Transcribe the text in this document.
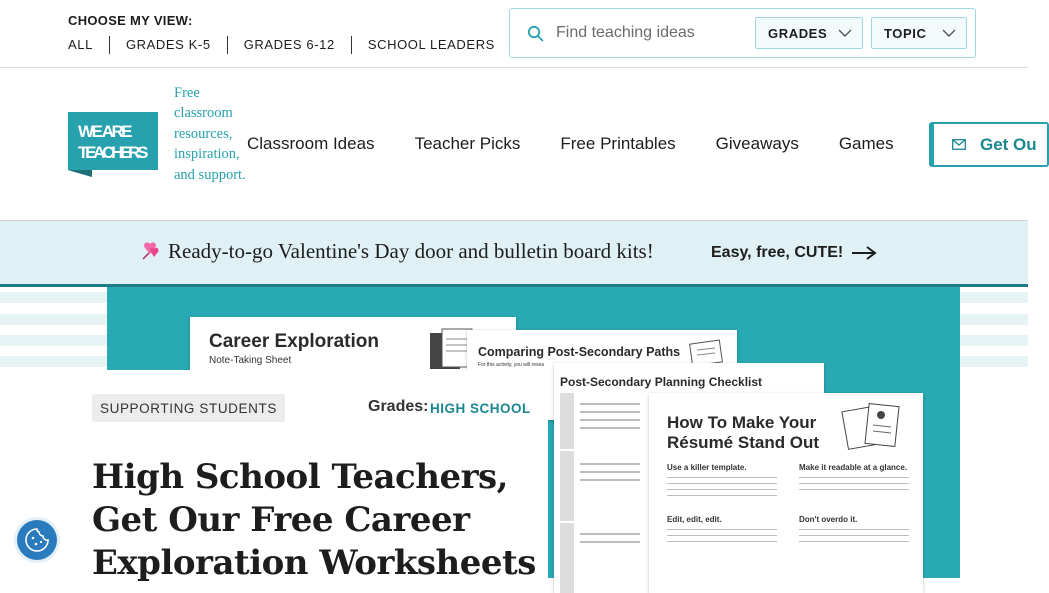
CHOOSE MY VIEW:
ALL	GRADES K-5	GRADES 6-12	SCHOOL LEADERS
Find teaching ideas
GRADES	TOPIC
WE ARE
TEACHERS
Free classroom resources, inspiration, and support.
Classroom Ideas Teacher Picks Free Printables Giveaways Games	Get Ou
Ready-to-go Valentine's Day door and bulletin board kits!	Easy, free, CUTE!
Career Exploration
Note-Taking Sheet
Comparing Post-Secondary Paths
For this activity, you will resea
Post-Secondary Planning Checklist
How To Make Your
Résumé Stand Out
Use a killer template.	Make it readable at a glance.
Edit, edit, edit.	Don't overdo it.
SUPPORTING STUDENTS	Grades: HIGH SCHOOL
High School Teachers, Get Our Free Career Exploration Worksheets
